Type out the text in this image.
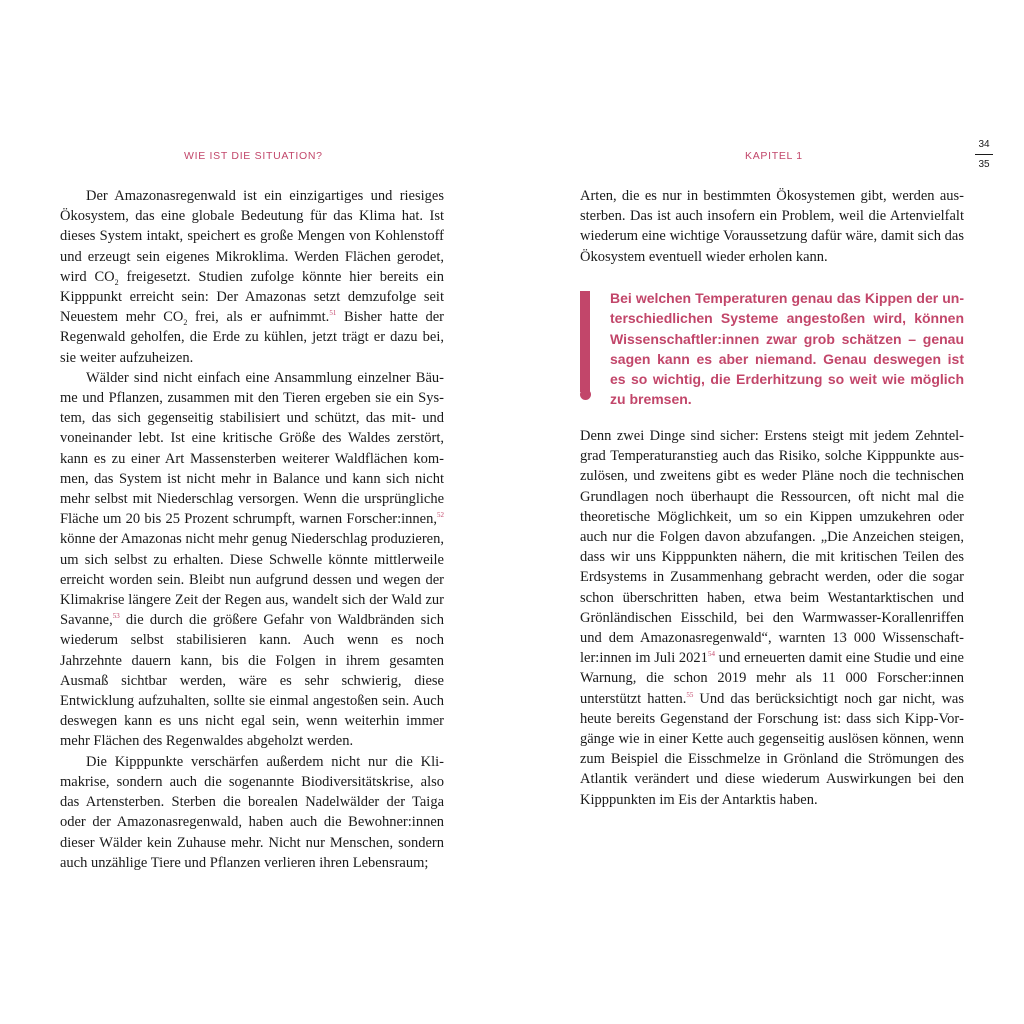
WIE IST DIE SITUATION?	KAPITEL 1
34
35

Der Amazonasregenwald ist ein einzigartiges und riesiges Ökosystem, das eine globale Bedeutung für das Klima hat. Ist dieses System intakt, speichert es große Mengen von Kohlenstoff und erzeugt sein eigenes Mikroklima. Werden Flächen gerodet, wird $CO_2$ freigesetzt. Studien zufolge könnte hier bereits ein Kipppunkt erreicht sein: Der Amazonas setzt demzufolge seit Neuestem mehr $CO_2$ frei, als er aufnimmt.$^{51}$ Bisher hatte der Regenwald geholfen, die Erde zu kühlen, jetzt trägt er dazu bei, sie weiter aufzuheizen.

Wälder sind nicht einfach eine Ansammlung einzelner Bäume und Pflanzen, zusammen mit den Tieren ergeben sie ein System, das sich gegenseitig stabilisiert und schützt, das mit- und voneinander lebt. Ist eine kritische Größe des Waldes zerstört, kann es zu einer Art Massensterben weiterer Waldflächen kommen, das System ist nicht mehr in Balance und kann sich nicht mehr selbst mit Niederschlag versorgen. Wenn die ursprüngliche Fläche um 20 bis 25 Prozent schrumpft, warnen Forscher:innen,$^{52}$ könne der Amazonas nicht mehr genug Niederschlag produzieren, um sich selbst zu erhalten. Diese Schwelle könnte mittlerweile erreicht worden sein. Bleibt nun aufgrund dessen und wegen der Klimakrise längere Zeit der Regen aus, wandelt sich der Wald zur Savanne,$^{53}$ die durch die größere Gefahr von Waldbränden sich wiederum selbst stabilisieren kann. Auch wenn es noch Jahrzehnte dauern kann, bis die Folgen in ihrem gesamten Ausmaß sichtbar werden, wäre es sehr schwierig, diese Entwicklung aufzuhalten, sollte sie einmal angestoßen sein. Auch deswegen kann es uns nicht egal sein, wenn weiterhin immer mehr Flächen des Regenwaldes abgeholzt werden.

Die Kipppunkte verschärfen außerdem nicht nur die Klimakrise, sondern auch die sogenannte Biodiversitätskrise, also das Artensterben. Sterben die borealen Nadelwälder der Taiga oder der Amazonasregenwald, haben auch die Bewohner:innen dieser Wälder kein Zuhause mehr. Nicht nur Menschen, sondern auch unzählige Tiere und Pflanzen verlieren ihren Lebensraum;

Arten, die es nur in bestimmten Ökosystemen gibt, werden aussterben. Das ist auch insofern ein Problem, weil die Artenvielfalt wiederum eine wichtige Voraussetzung dafür wäre, damit sich das Ökosystem eventuell wieder erholen kann.

Bei welchen Temperaturen genau das Kippen der unterschiedlichen Systeme angestoßen wird, können Wissenschaftler:innen zwar grob schätzen – genau sagen kann es aber niemand. Genau deswegen ist es so wichtig, die Erderhitzung so weit wie möglich zu bremsen.

Denn zwei Dinge sind sicher: Erstens steigt mit jedem Zehntelgrad Temperaturanstieg auch das Risiko, solche Kipppunkte auszulösen, und zweitens gibt es weder Pläne noch die technischen Grundlagen noch überhaupt die Ressourcen, oft nicht mal die theoretische Möglichkeit, um so ein Kippen umzukehren oder auch nur die Folgen davon abzufangen. „Die Anzeichen steigen, dass wir uns Kipppunkten nähern, die mit kritischen Teilen des Erdsystems in Zusammenhang gebracht werden, oder die sogar schon überschritten haben, etwa beim Westantarktischen und Grönländischen Eisschild, bei den Warmwasser-Korallenriffen und dem Amazonasregenwald“, warnten 13 000 Wissenschaftler:innen im Juli 2021$^{54}$ und erneuerten damit eine Studie und eine Warnung, die schon 2019 mehr als 11 000 Forscher:innen unterstützt hatten.$^{55}$ Und das berücksichtigt noch gar nicht, was heute bereits Gegenstand der Forschung ist: dass sich Kipp-Vorgänge wie in einer Kette auch gegenseitig auslösen können, wenn zum Beispiel die Eisschmelze in Grönland die Strömungen des Atlantik verändert und diese wiederum Auswirkungen bei den Kipppunkten im Eis der Antarktis haben.
